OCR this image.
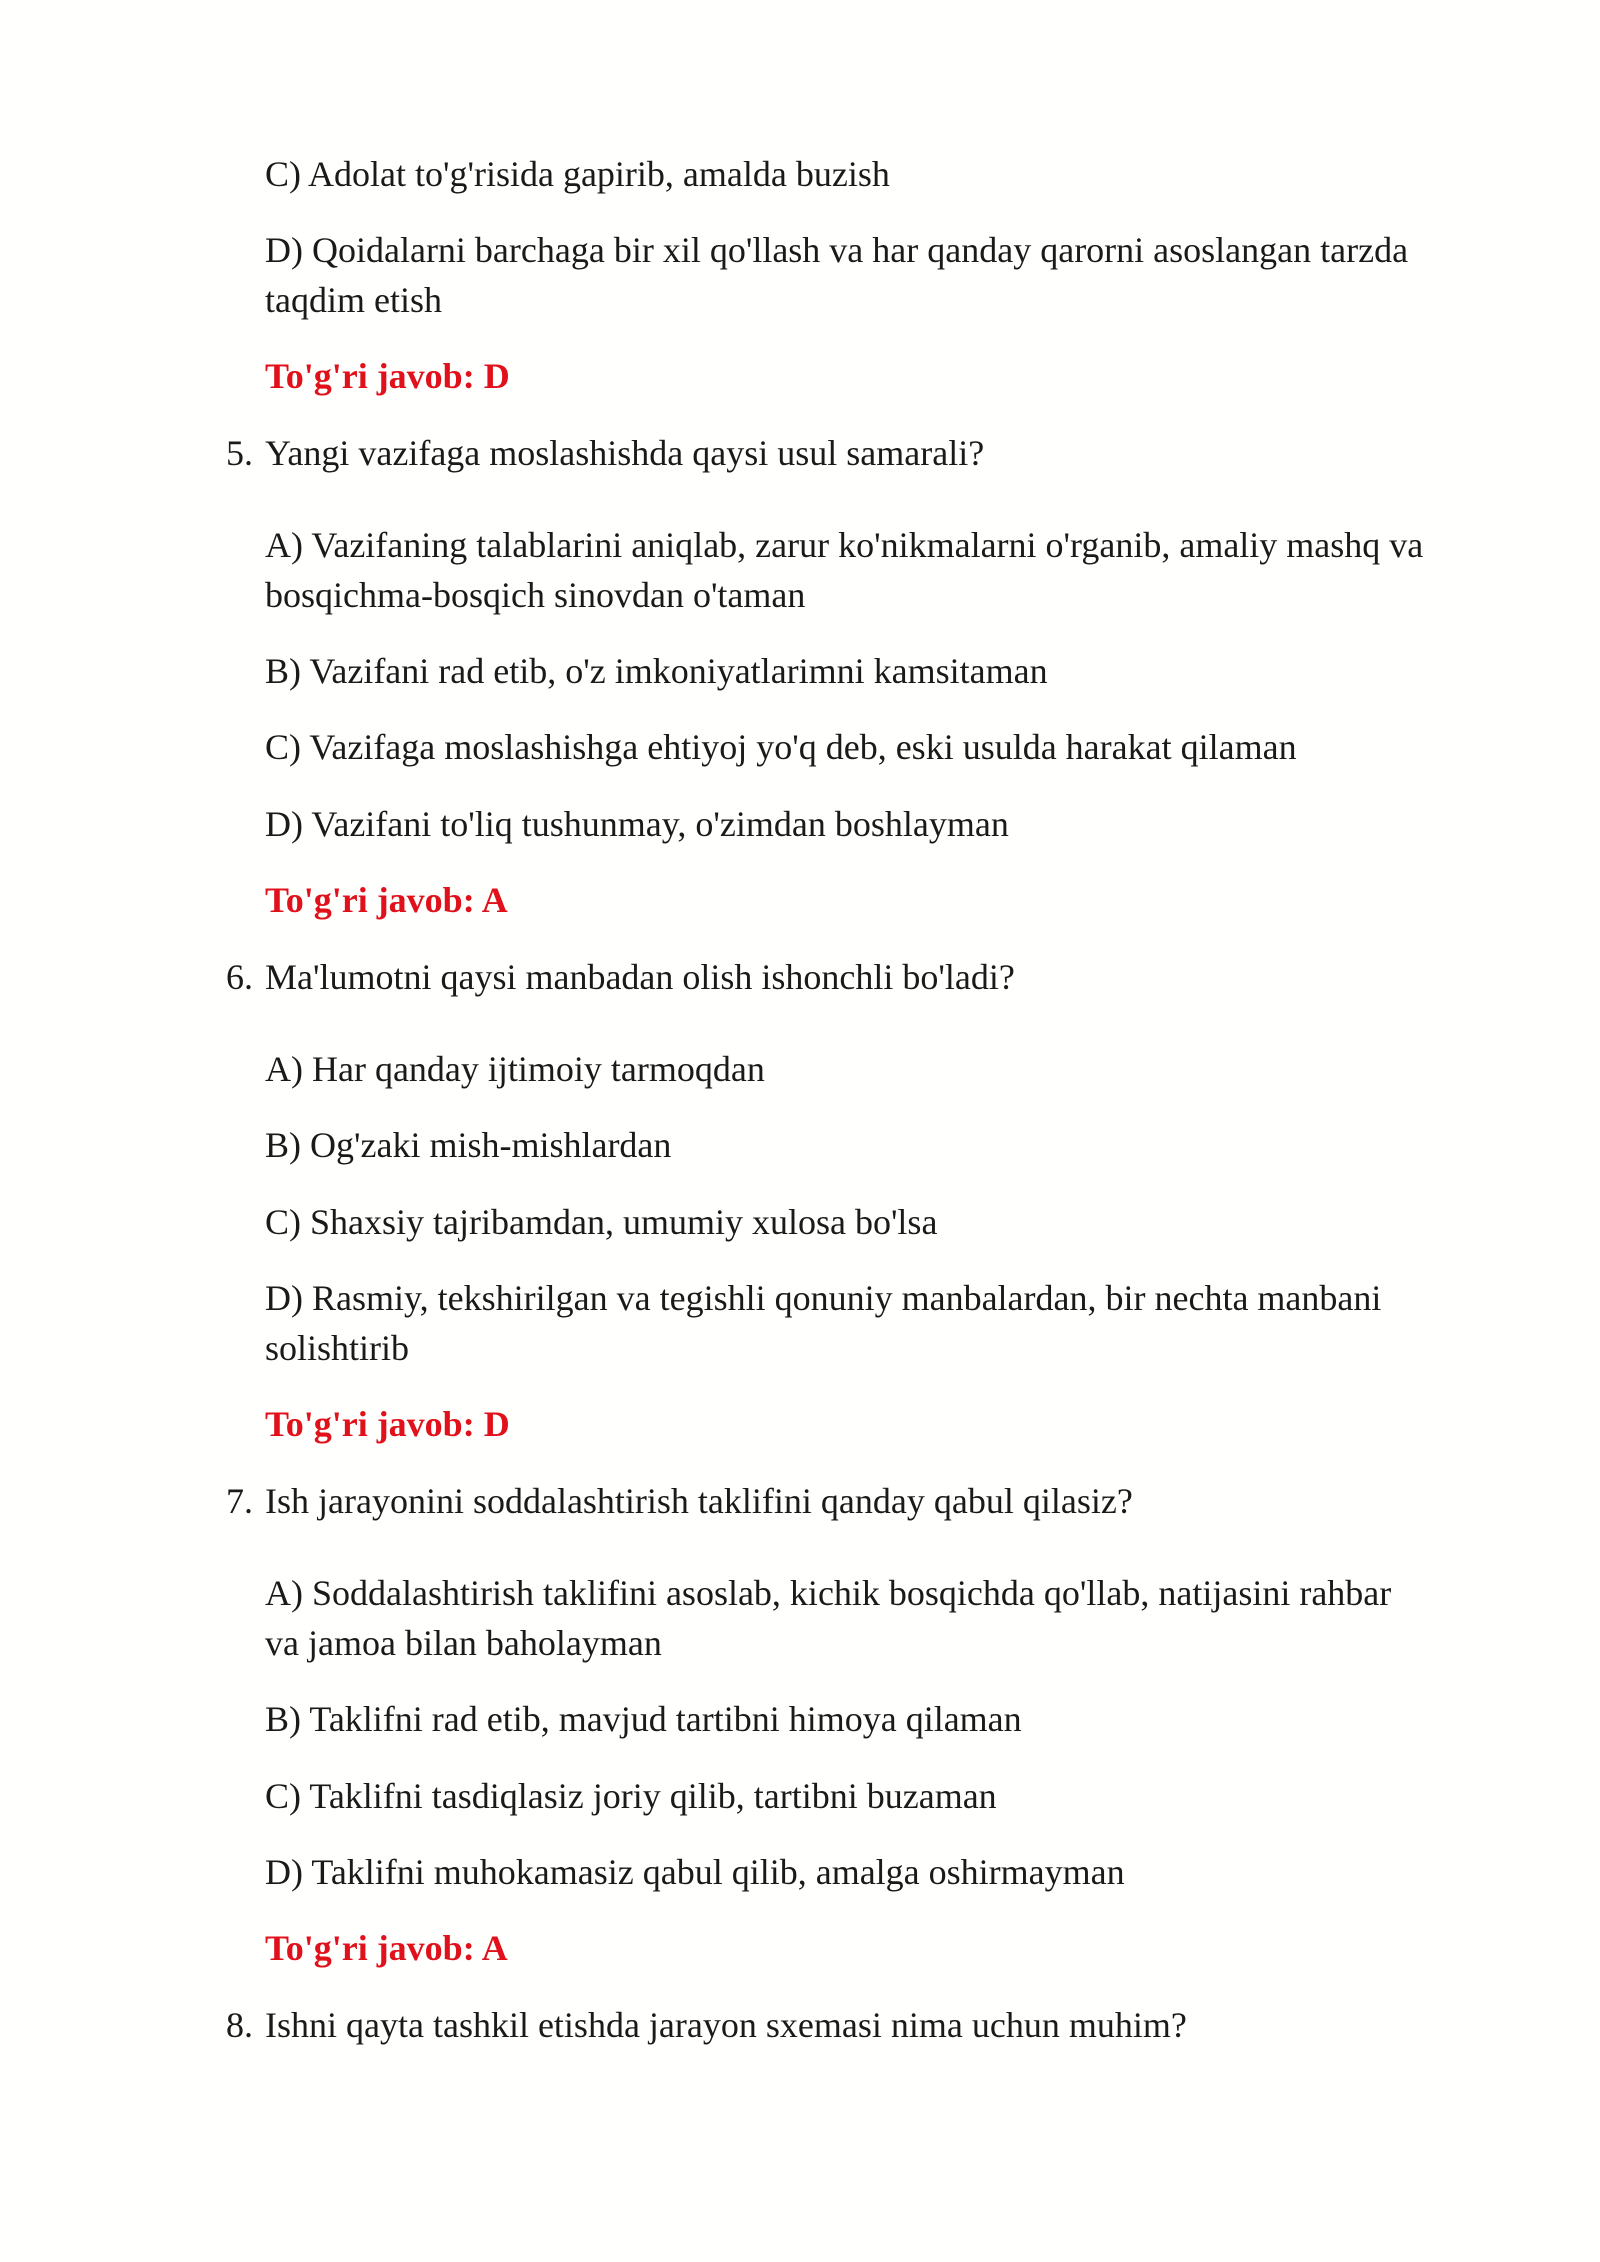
C) Adolat to'g'risida gapirib, amalda buzish

D) Qoidalarni barchaga bir xil qo'llash va har qanday qarorni asoslangan tarzda

taqdim etish

To'g'ri javob: D

5. Yangi vazifaga moslashishda qaysi usul samarali?

A) Vazifaning talablarini aniqlab, zarur ko'nikmalarni o'rganib, amaliy mashq va

bosqichma-bosqich sinovdan o'taman

B) Vazifani rad etib, o'z imkoniyatlarimni kamsitaman

C) Vazifaga moslashishga ehtiyoj yo'q deb, eski usulda harakat qilaman

D) Vazifani to'liq tushunmay, o'zimdan boshlayman

To'g'ri javob: A

6. Ma'lumotni qaysi manbadan olish ishonchli bo'ladi?

A) Har qanday ijtimoiy tarmoqdan

B) Og'zaki mish-mishlardan

C) Shaxsiy tajribamdan, umumiy xulosa bo'lsa

D) Rasmiy, tekshirilgan va tegishli qonuniy manbalardan, bir nechta manbani

solishtirib

To'g'ri javob: D

7. Ish jarayonini soddalashtirish taklifini qanday qabul qilasiz?

A) Soddalashtirish taklifini asoslab, kichik bosqichda qo'llab, natijasini rahbar

va jamoa bilan baholayman

B) Taklifni rad etib, mavjud tartibni himoya qilaman

C) Taklifni tasdiqlasiz joriy qilib, tartibni buzaman

D) Taklifni muhokamasiz qabul qilib, amalga oshirmayman

To'g'ri javob: A

8. Ishni qayta tashkil etishda jarayon sxemasi nima uchun muhim?
